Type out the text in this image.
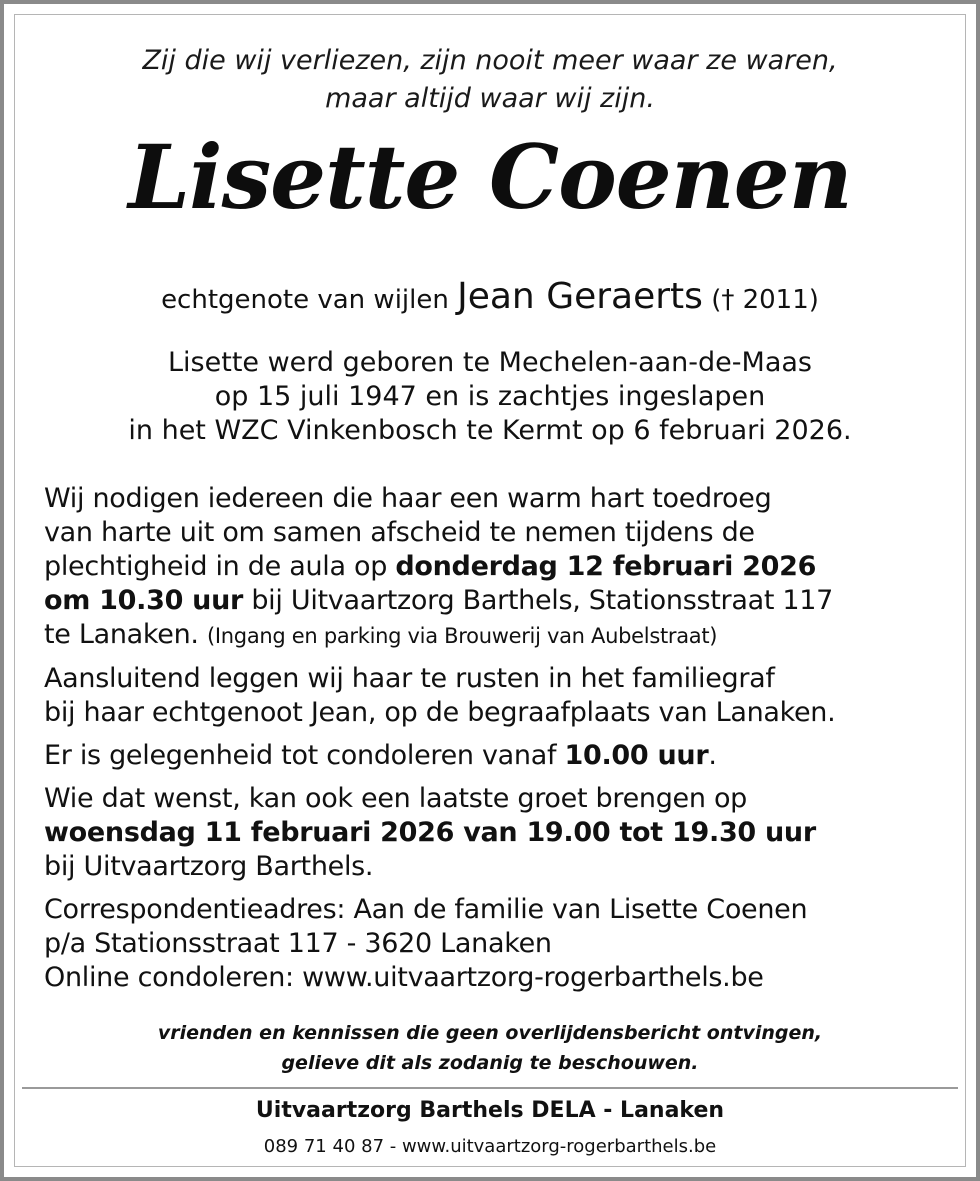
Zij die wij verliezen, zijn nooit meer waar ze waren,
maar altijd waar wij zijn.
Lisette Coenen
echtgenote van wijlen Jean Geraerts († 2011)
Lisette werd geboren te Mechelen-aan-de-Maas
op 15 juli 1947 en is zachtjes ingeslapen
in het WZC Vinkenbosch te Kermt op 6 februari 2026.

Wij nodigen iedereen die haar een warm hart toedroeg
van harte uit om samen afscheid te nemen tijdens de
plechtigheid in de aula op donderdag 12 februari 2026
om 10.30 uur bij Uitvaartzorg Barthels, Stationsstraat 117
te Lanaken. (Ingang en parking via Brouwerij van Aubelstraat)

Aansluitend leggen wij haar te rusten in het familiegraf
bij haar echtgenoot Jean, op de begraafplaats van Lanaken.

Er is gelegenheid tot condoleren vanaf 10.00 uur.

Wie dat wenst, kan ook een laatste groet brengen op
woensdag 11 februari 2026 van 19.00 tot 19.30 uur
bij Uitvaartzorg Barthels.

Correspondentieadres: Aan de familie van Lisette Coenen
p/a Stationsstraat 117 - 3620 Lanaken
Online condoleren: www.uitvaartzorg-rogerbarthels.be

vrienden en kennissen die geen overlijdensbericht ontvingen,
gelieve dit als zodanig te beschouwen.
Uitvaartzorg Barthels DELA - Lanaken
089 71 40 87 - www.uitvaartzorg-rogerbarthels.be
